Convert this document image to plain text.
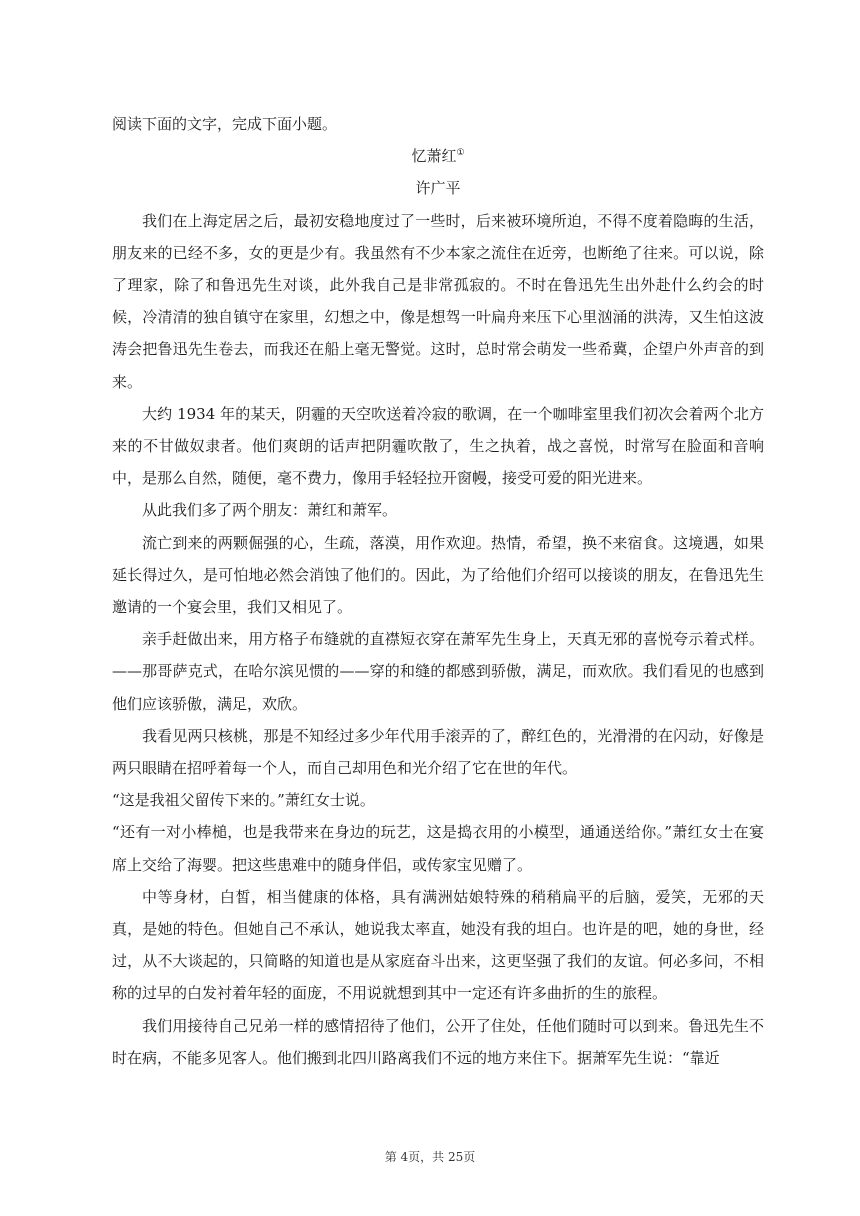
阅读下面的文字，完成下面小题。

忆萧红①

许广平

我们在上海定居之后，最初安稳地度过了一些时，后来被环境所迫，不得不度着隐晦的生活，朋友来的已经不多，女的更是少有。我虽然有不少本家之流住在近旁，也断绝了往来。可以说，除了理家，除了和鲁迅先生对谈，此外我自己是非常孤寂的。不时在鲁迅先生出外赴什么约会的时候，冷清清的独自镇守在家里，幻想之中，像是想驾一叶扁舟来压下心里汹涌的洪涛，又生怕这波涛会把鲁迅先生卷去，而我还在船上毫无警觉。这时，总时常会萌发一些希冀，企望户外声音的到来。

大约 1934 年的某天，阴霾的天空吹送着冷寂的歌调，在一个咖啡室里我们初次会着两个北方来的不甘做奴隶者。他们爽朗的话声把阴霾吹散了，生之执着，战之喜悦，时常写在脸面和音响中，是那么自然，随便，毫不费力，像用手轻轻拉开窗幔，接受可爱的阳光进来。

从此我们多了两个朋友：萧红和萧军。

流亡到来的两颗倔强的心，生疏，落漠，用作欢迎。热情，希望，换不来宿食。这境遇，如果延长得过久，是可怕地必然会消蚀了他们的。因此，为了给他们介绍可以接谈的朋友，在鲁迅先生邀请的一个宴会里，我们又相见了。

亲手赶做出来，用方格子布缝就的直襟短衣穿在萧军先生身上，天真无邪的喜悦夸示着式样。——那哥萨克式，在哈尔滨见惯的——穿的和缝的都感到骄傲，满足，而欢欣。我们看见的也感到他们应该骄傲，满足，欢欣。

我看见两只核桃，那是不知经过多少年代用手滚弄的了，醉红色的，光滑滑的在闪动，好像是两只眼睛在招呼着每一个人，而自己却用色和光介绍了它在世的年代。

“这是我祖父留传下来的。”萧红女士说。

“还有一对小棒槌，也是我带来在身边的玩艺，这是捣衣用的小模型，通通送给你。”萧红女士在宴席上交给了海婴。把这些患难中的随身伴侣，或传家宝见赠了。

中等身材，白皙，相当健康的体格，具有满洲姑娘特殊的稍稍扁平的后脑，爱笑，无邪的天真，是她的特色。但她自己不承认，她说我太率直，她没有我的坦白。也许是的吧，她的身世，经过，从不大谈起的，只简略的知道也是从家庭奋斗出来，这更坚强了我们的友谊。何必多问，不相称的过早的白发衬着年轻的面庞，不用说就想到其中一定还有许多曲折的生的旅程。

我们用接待自己兄弟一样的感情招待了他们，公开了住处，任他们随时可以到来。鲁迅先生不时在病，不能多见客人。他们搬到北四川路离我们不远的地方来住下。据萧军先生说：“靠近

第 4页，共 25页
